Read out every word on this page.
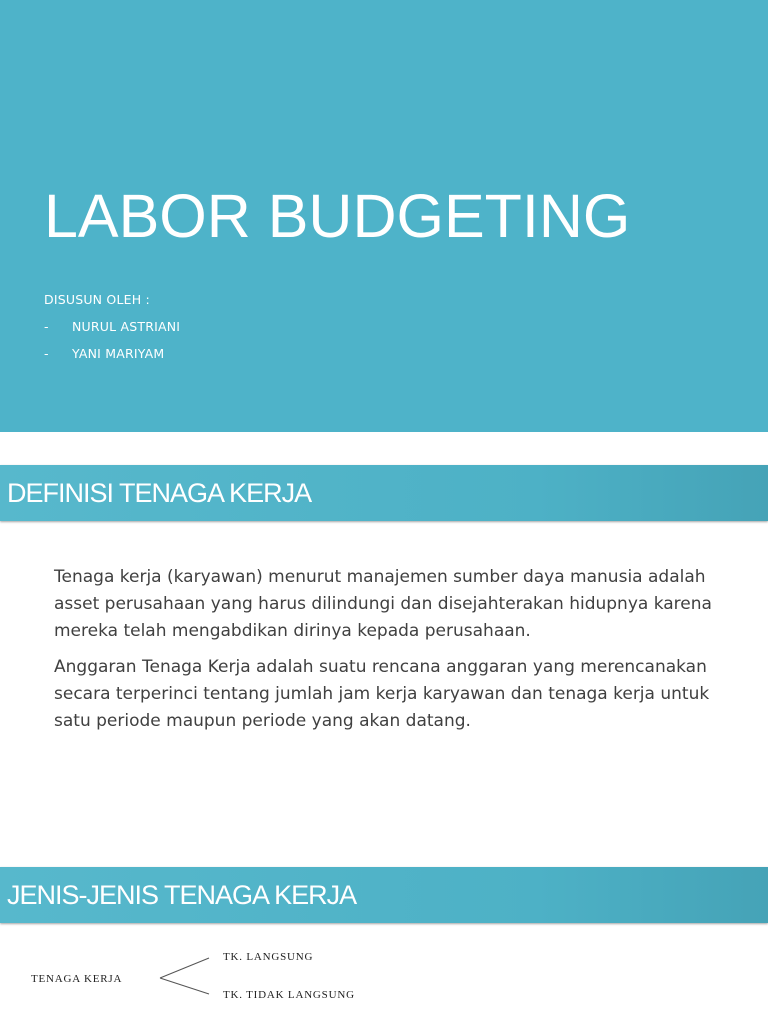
LABOR BUDGETING
DISUSUN OLEH :
- NURUL ASTRIANI
- YANI MARIYAM
DEFINISI TENAGA KERJA

Tenaga kerja (karyawan) menurut manajemen sumber daya manusia adalah asset perusahaan yang harus dilindungi dan disejahterakan hidupnya karena mereka telah mengabdikan dirinya kepada perusahaan.

Anggaran Tenaga Kerja adalah suatu rencana anggaran yang merencanakan secara terperinci tentang jumlah jam kerja karyawan dan tenaga kerja untuk satu periode maupun periode yang akan datang.

JENIS-JENIS TENAGA KERJA
TENAGA KERJA
TK. LANGSUNG
TK. TIDAK LANGSUNG
